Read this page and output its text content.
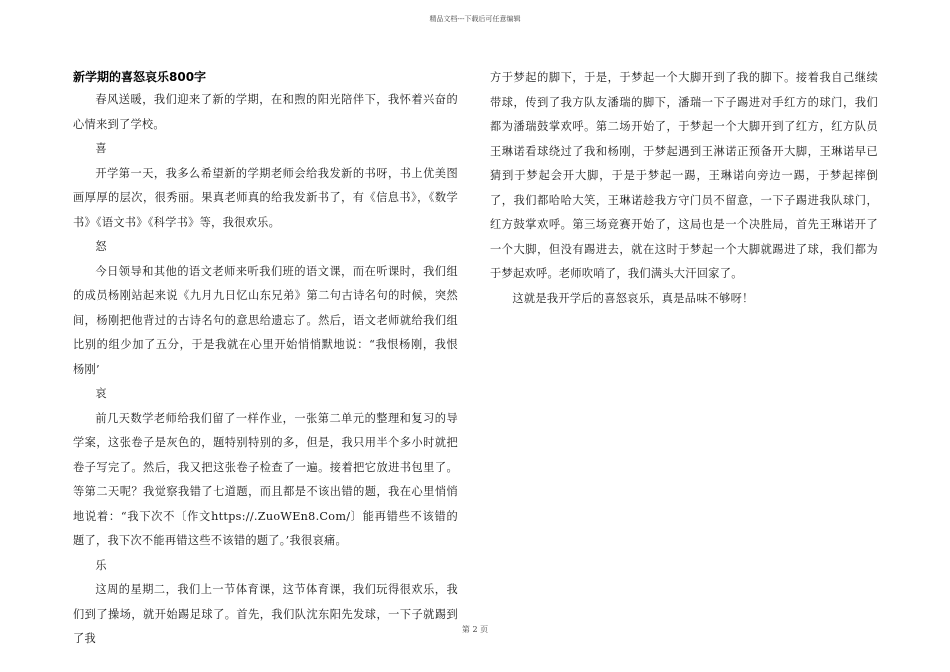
精品文档---下载后可任意编辑
新学期的喜怒哀乐800字

春风送暖，我们迎来了新的学期，在和煦的阳光陪伴下，我怀着兴奋的心情来到了学校。

喜

开学第一天，我多么希望新的学期老师会给我发新的书呀，书上优美图画厚厚的层次，很秀丽。果真老师真的给我发新书了，有《信息书》，《数学书》《语文书》《科学书》等，我很欢乐。

怒

今日领导和其他的语文老师来听我们班的语文课，而在听课时，我们组的成员杨刚站起来说《九月九日忆山东兄弟》第二句古诗名句的时候，突然间，杨刚把他背过的古诗名句的意思给遗忘了。然后，语文老师就给我们组比别的组少加了五分，于是我就在心里开始悄悄默地说：“我恨杨刚，我恨杨刚’

哀

前几天数学老师给我们留了一样作业，一张第二单元的整理和复习的导学案，这张卷子是灰色的，题特别特别的多，但是，我只用半个多小时就把卷子写完了。然后，我又把这张卷子检查了一遍。接着把它放进书包里了。等第二天呢？我觉察我错了七道题，而且都是不该出错的题，我在心里悄悄地说着：“我下次不〔作文https://.ZuoWEn8.Com/〕能再错些不该错的题了，我下次不能再错这些不该错的题了。’我很哀痛。

乐

这周的星期二，我们上一节体育课，这节体育课，我们玩得很欢乐，我们到了操场，就开始踢足球了。首先，我们队沈东阳先发球，一下子就踢到了我

方于梦起的脚下，于是，于梦起一个大脚开到了我的脚下。接着我自己继续带球，传到了我方队友潘瑞的脚下，潘瑞一下子踢进对手红方的球门，我们都为潘瑞鼓掌欢呼。第二场开始了，于梦起一个大脚开到了红方，红方队员王琳诺看球绕过了我和杨刚，于梦起遇到王淋诺正预备开大脚，王琳诺早已猜到于梦起会开大脚，于是于梦起一踢，王琳诺向旁边一踢，于梦起摔倒了，我们都哈哈大笑，王琳诺趁我方守门员不留意，一下子踢进我队球门，红方鼓掌欢呼。第三场竞赛开始了，这局也是一个决胜局，首先王琳诺开了一个大脚，但没有踢进去，就在这时于梦起一个大脚就踢进了球，我们都为于梦起欢呼。老师吹哨了，我们满头大汗回家了。

这就是我开学后的喜怒哀乐，真是品味不够呀！

第 2 页
